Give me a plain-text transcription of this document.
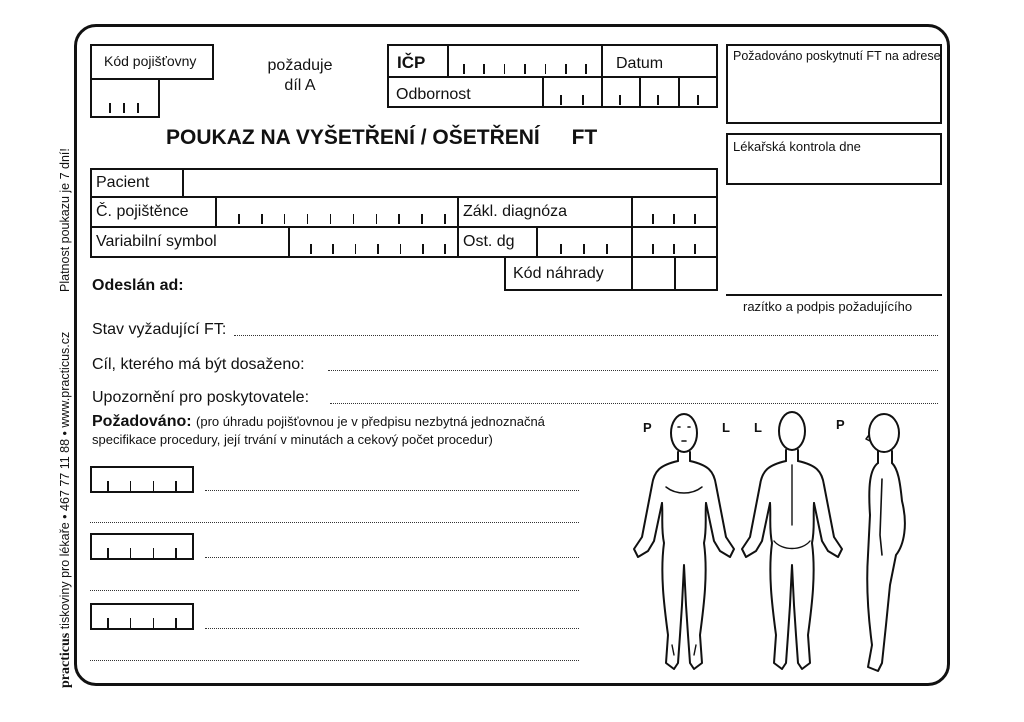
Platnost poukazu je 7 dní!
practicus tiskoviny pro lékaře • 467 77 11 88 • www.practicus.cz
Kód pojišťovny	požaduje
díl A
IČP	Datum
Odbornost
Požadováno poskytnutí FT na adrese
Lékařská kontrola dne
razítko a podpis požadujícího
POUKAZ NA VYŠETŘENÍ / OŠETŘENÍ FT
Pacient
Č. pojištěnce	Zákl. diagnóza
Variabilní symbol	Ost. dg
Kód náhrady
Odeslán ad:
Stav vyžadující FT:
Cíl, kterého má být dosaženo:
Upozornění pro poskytovatele:
Požadováno: (pro úhradu pojišťovnou je v předpisu nezbytná jednoznačná
specifikace procedury, její trvání v minutách a cekový počet procedur)
P	L L	P
